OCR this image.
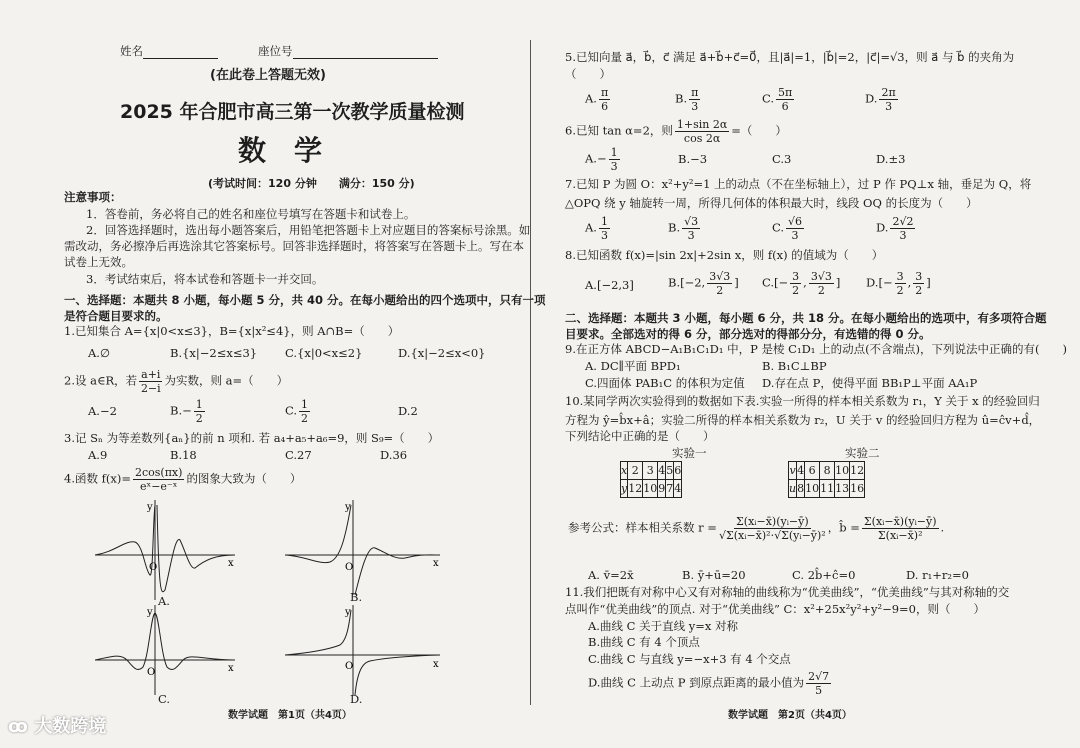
姓名	座位号
(在此卷上答题无效)
2025 年合肥市高三第一次教学质量检测
数　学
(考试时间：120 分钟　　满分：150 分)
注意事项：
1．答卷前，务必将自己的姓名和座位号填写在答题卡和试卷上。
2．回答选择题时，选出每小题答案后，用铅笔把答题卡上对应题目的答案标号涂黑。如
需改动，务必擦净后再选涂其它答案标号。回答非选择题时，将答案写在答题卡上。写在本
试卷上无效。
3．考试结束后，将本试卷和答题卡一并交回。
一、选择题：本题共 8 小题，每小题 5 分，共 40 分。在每小题给出的四个选项中，只有一项
是符合题目要求的。
1.已知集合 A={x|0<x≤3}，B={x|x²≤4}，则 A∩B=（　　）
A.∅	B.{x|−2≤x≤3} C.{x|0<x≤2}	D.{x|−2≤x<0}
2.设 a∈R，若 $\frac{a+i}{2-i}$ 为实数，则 a=（　　）
A.−2	$B.- \frac{1}{2}$	C. $\frac{1}{2}$	D.2
3.记 Sₙ 为等差数列{aₙ}的前 n 项和. 若 a₄+a₅+a₆=9，则 S₉=（　　）
A.9	B.18	C.27	D.36
4.函数 $f(x)= \frac{2\cos(\pi x)}{\text{eˣ−e⁻ˣ}}$ 的图象大致为（　　）
y
x
O
A.
y
x
O
B.
y
x
O
C.
y
x
O
D.
数学试题　第1页（共4页）
5.已知向量 a⃗，b⃗，c⃗ 满足 a⃗+b⃗+c⃗=0⃗，且|a⃗|=1，|b⃗|=2，|c⃗|=√3，则 a⃗ 与 b⃗ 的夹角为
（　　）
A. $\frac{\pi}{6}$	B. $\frac{\pi}{3}$	C. $\frac{5\pi}{6}$	D. $\frac{2\pi}{3}$
6.已知 tan α=2，则 $\frac{1+\sin 2\alpha}{\cos 2\alpha}$ =（　　）
$A.- \frac{1}{3}$	B.−3	C.3	D.±3
7.已知 P 为圆 O：x²+y²=1 上的动点（不在坐标轴上），过 P 作 PQ⊥x 轴，垂足为 Q，将
△OPQ 绕 y 轴旋转一周，所得几何体的体积最大时，线段 OQ 的长度为（　　）
A. $\frac{1}{3}$	B. $\frac{√3}{3}$	C. $\frac{√6}{3}$	D. $\frac{2√2}{3}$
8.已知函数 f(x)=|sin 2x|+2sin x，则 f(x) 的值域为（　　）
A.[−2,3]	B.[−2, $\frac{3√3}{2}$ ] $C.[- \frac{3}{2}$ , $\frac{3√3}{2}$ ] $D.[- \frac{3}{2}$ , $\frac{3}{2}$ ]
二、选择题：本题共 3 小题，每小题 6 分，共 18 分。在每小题给出的选项中，有多项符合题
目要求。全部选对的得 6 分，部分选对的得部分分，有选错的得 0 分。
9.在正方体 ABCD−A₁B₁C₁D₁ 中，P 是棱 C₁D₁ 上的动点(不含端点)，下列说法中正确的有(　　)
A. DC∥平面 BPD₁	B. B₁C⊥BP
C.四面体 PAB₁C 的体积为定值 D.存在点 P，使得平面 BB₁P⊥平面 AA₁P
10.某同学两次实验得到的数据如下表.实验一所得的样本相关系数为 r₁，Y 关于 x 的经验回归
方程为 ŷ=b̂x+â；实验二所得的样本相关系数为 r₂，U 关于 v 的经验回归方程为 û=ĉv+d̂，
下列结论中正确的是（　　）
实验一	实验二
x	2	3	4	5	6
y	12	10	9	7	4
v	4	6	8	10	12
u	8	10	11	13	16
参考公式：样本相关系数 $r = \frac{\text{Σ(xᵢ−x̄)(yᵢ−ȳ)}}{\text{√Σ(xᵢ−x̄)²·√Σ(yᵢ−ȳ)²}}$ ，b̂ = $\frac{\text{Σ(xᵢ−x̄)(yᵢ−ȳ)}}{\text{Σ(xᵢ−x̄)²}}$ .
A. v̄=2x̄	B. ȳ+ū=20	C. 2b̂+ĉ=0	D. r₁+r₂=0
11.我们把既有对称中心又有对称轴的曲线称为“优美曲线”，“优美曲线”与其对称轴的交
点叫作“优美曲线”的顶点. 对于“优美曲线” C：x²+25x²y²+y²−9=0，则（　　）
A.曲线 C 关于直线 y=x 对称
B.曲线 C 有 4 个顶点
C.曲线 C 与直线 y=−x+3 有 4 个交点
D.曲线 C 上动点 P 到原点距离的最小值为 $\frac{2√7}{5}$
数学试题　第2页（共4页）
ꝏ 大数跨境
